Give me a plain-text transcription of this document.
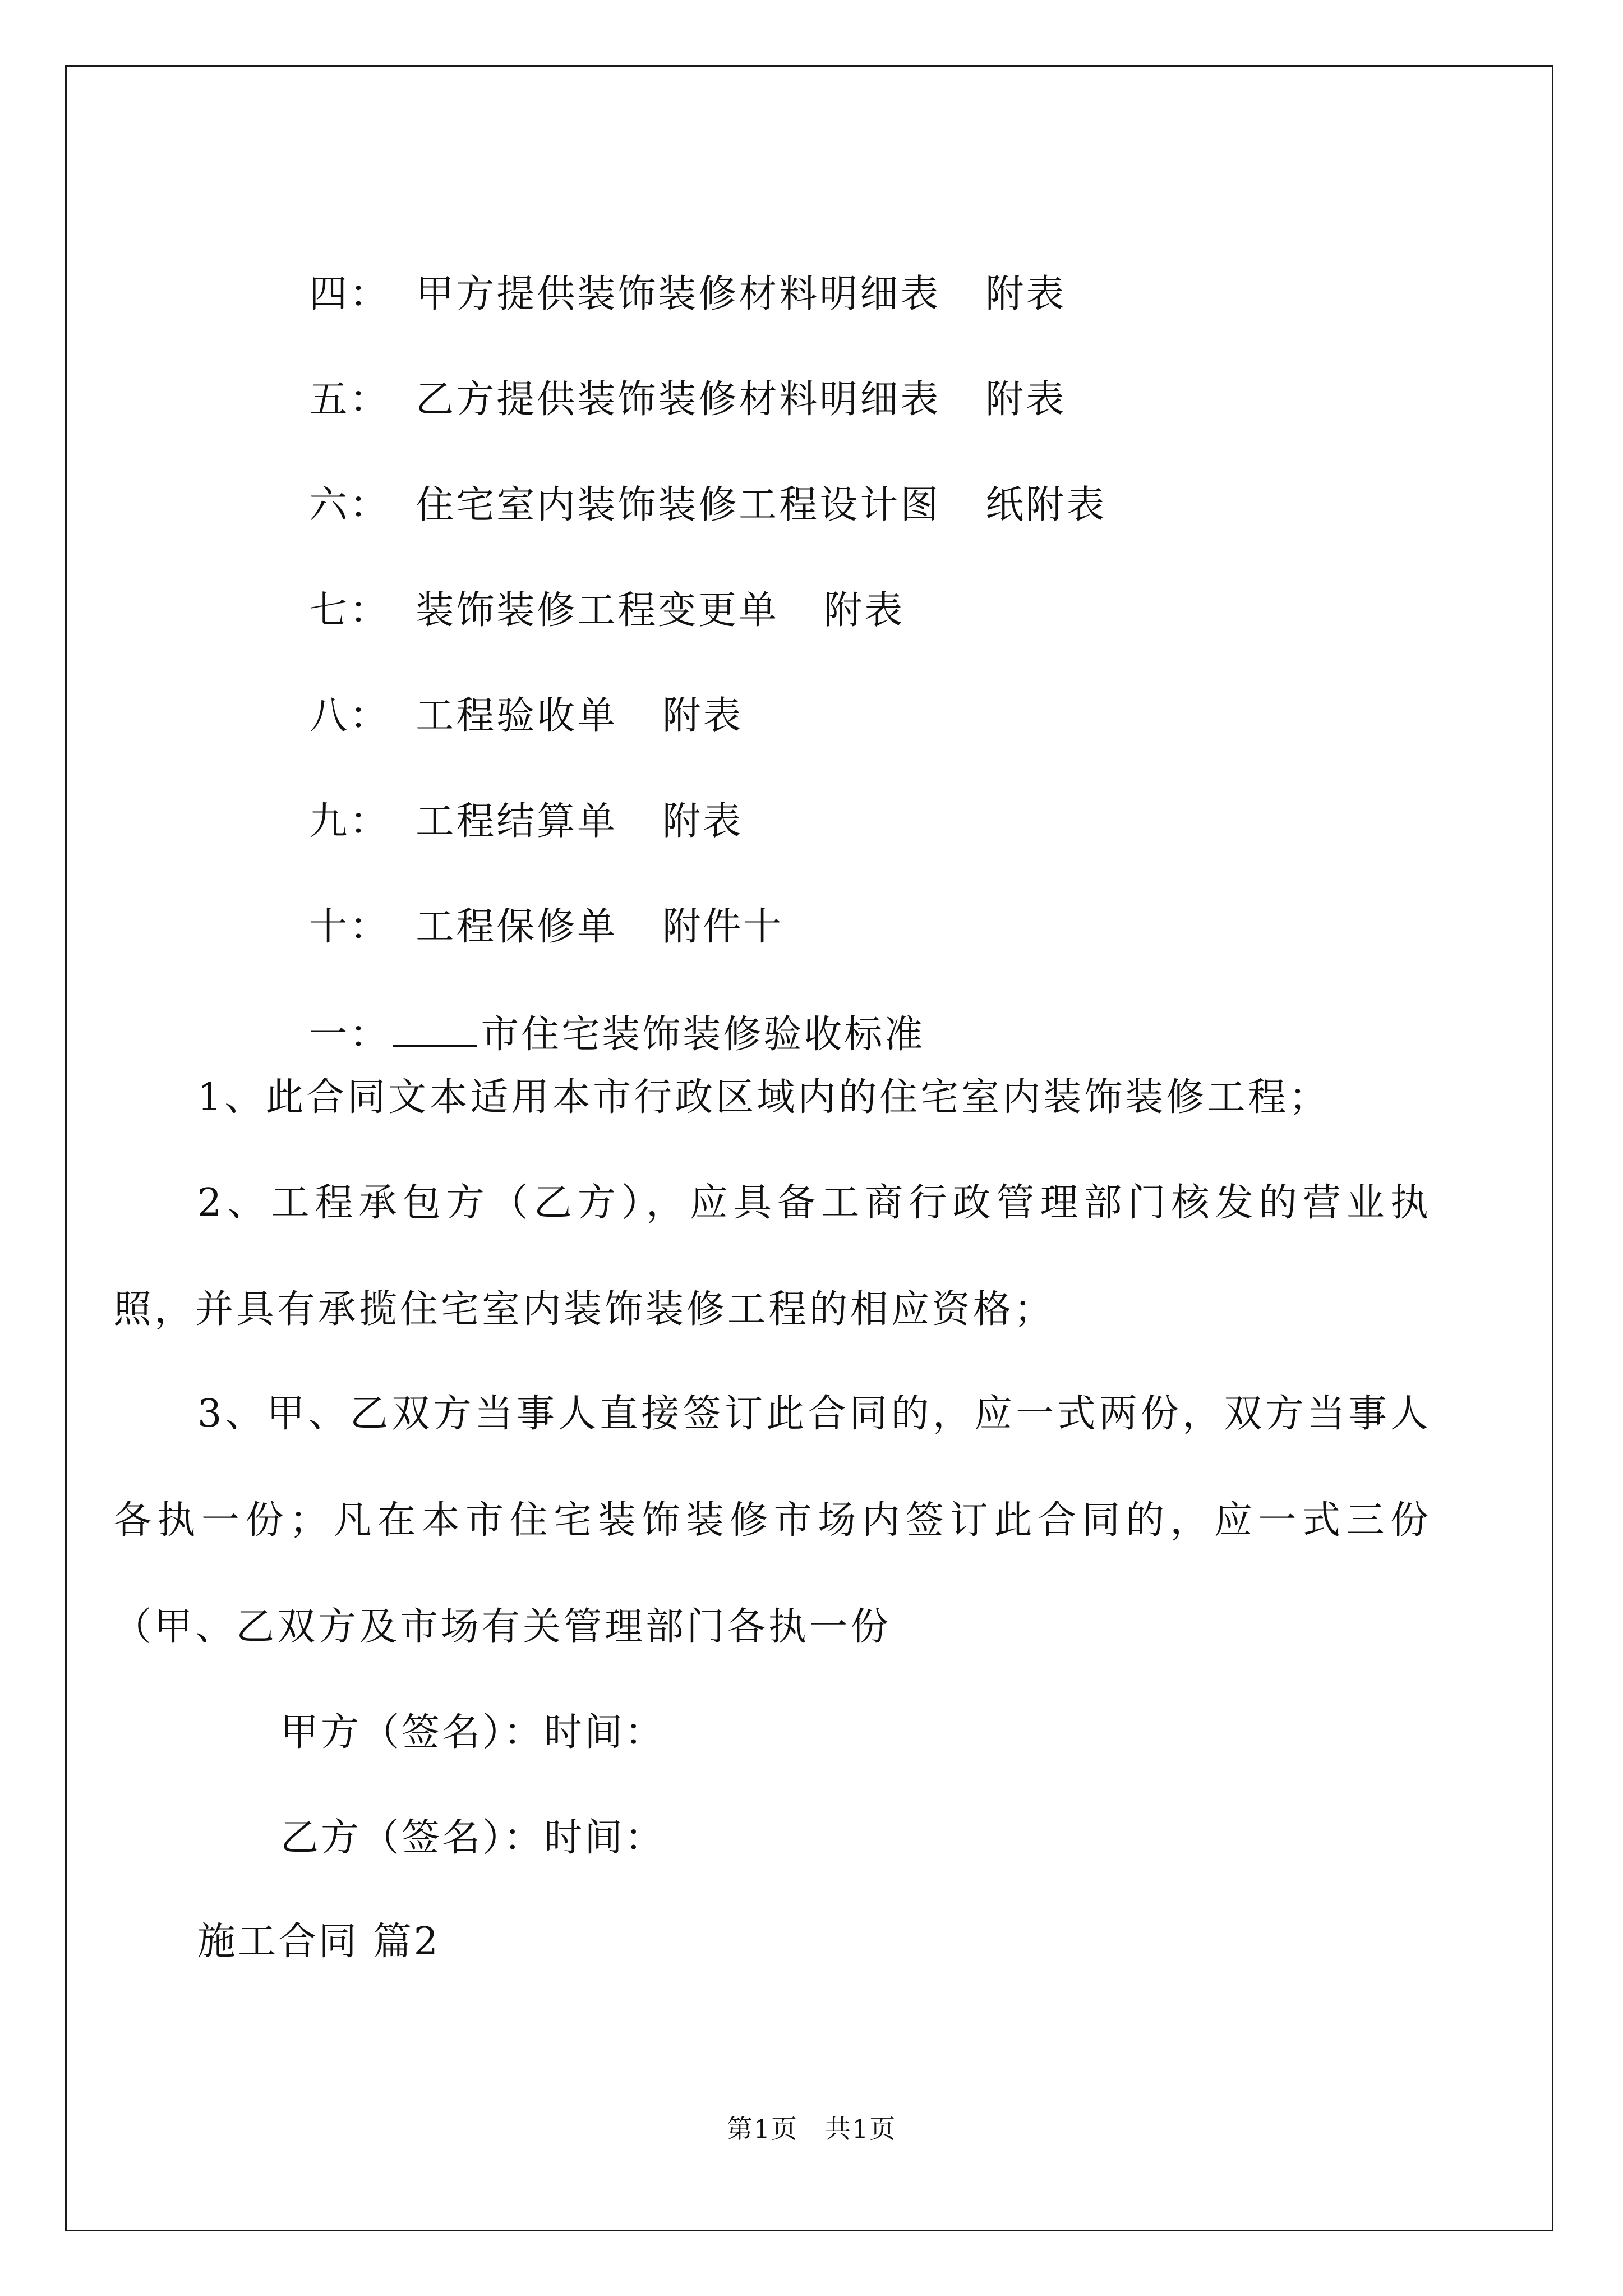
四： 甲方提供装饰装修材料明细表 附表

五： 乙方提供装饰装修材料明细表 附表

六： 住宅室内装饰装修工程设计图 纸附表

七： 装饰装修工程变更单 附表

八： 工程验收单 附表

九： 工程结算单 附表

十： 工程保修单 附件十

一： 市住宅装饰装修验收标准

1、此合同文本适用本市行政区域内的住宅室内装饰装修工程；
2、工程承包方（乙方），应具备工商行政管理部门核发的营业执照，并具有承揽住宅室内装饰装修工程的相应资格；
3、甲、乙双方当事人直接签订此合同的，应一式两份，双方当事人各执一份；凡在本市住宅装饰装修市场内签订此合同的，应一式三份（甲、乙双方及市场有关管理部门各执一份
甲方（签名）：时间：
乙方（签名）：时间：
施工合同 篇2
第1页　共1页
